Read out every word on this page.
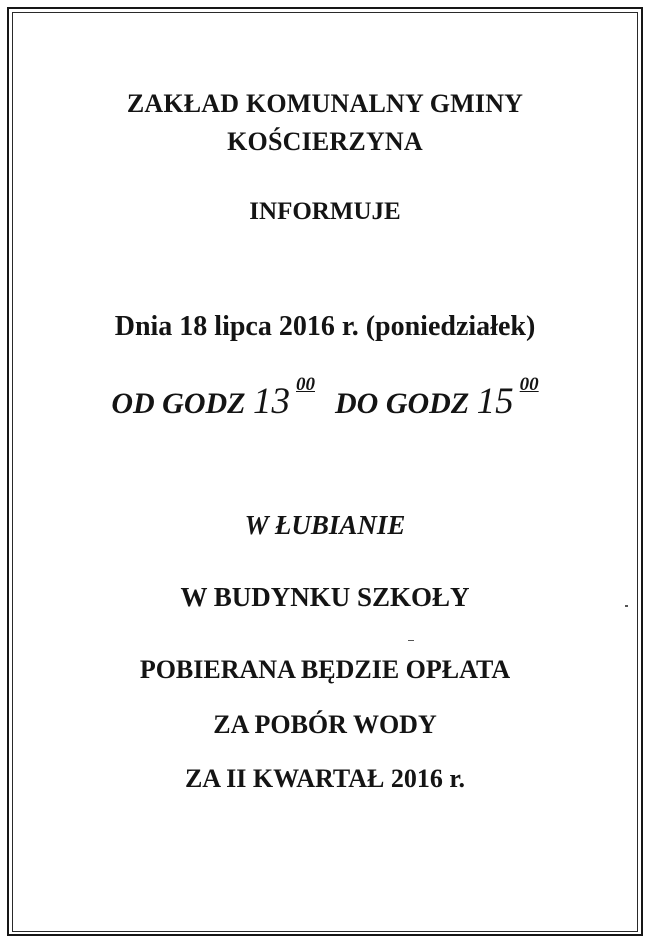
ZAKŁAD KOMUNALNY GMINY
KOŚCIERZYNA
INFORMUJE
Dnia 18 lipca 2016 r. (poniedziałek)
OD GODZ 13 $^{00}$DO GODZ 15 $^{00}$
W ŁUBIANIE
W BUDYNKU SZKOŁY
POBIERANA BĘDZIE OPŁATA
ZA POBÓR WODY
ZA II KWARTAŁ 2016 r.
